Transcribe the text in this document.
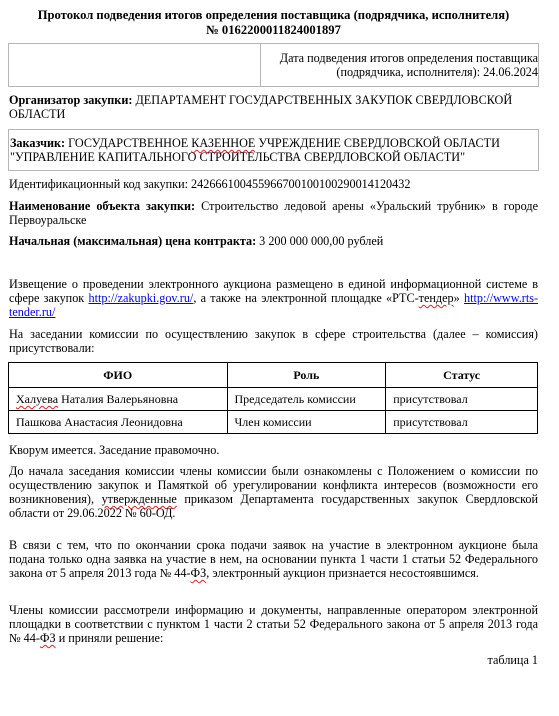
Протокол подведения итогов определения поставщика (подрядчика, исполнителя)
№ 0162200011824001897
Дата подведения итогов определения поставщика
(подрядчика, исполнителя): 24.06.2024
Организатор закупки: ДЕПАРТАМЕНТ ГОСУДАРСТВЕННЫХ ЗАКУПОК СВЕРДЛОВСКОЙ ОБЛАСТИ
Заказчик: ГОСУДАРСТВЕННОЕ КАЗЕННОЕ УЧРЕЖДЕНИЕ СВЕРДЛОВСКОЙ ОБЛАСТИ "УПРАВЛЕНИЕ КАПИТАЛЬНОГО СТРОИТЕЛЬСТВА СВЕРДЛОВСКОЙ ОБЛАСТИ"
Идентификационный код закупки: 242666100455966700100100290014120432
Наименование объекта закупки: Строительство ледовой арены «Уральский трубник» в городе Первоуральске
Начальная (максимальная) цена контракта: 3 200 000 000,00 рублей
Извещение о проведении электронного аукциона размещено в единой информационной системе в сфере закупок http://zakupki.gov.ru/, а также на электронной площадке «РТС-тендер» http://www.rts-tender.ru/
На заседании комиссии по осуществлению закупок в сфере строительства (далее – комиссия) присутствовали:
ФИО	Роль	Статус
Халуева Наталия Валерьяновна	Председатель комиссии	присутствовал
Пашкова Анастасия Леонидовна	Член комиссии	присутствовал
Кворум имеется. Заседание правомочно.
До начала заседания комиссии члены комиссии были ознакомлены с Положением о комиссии по осуществлению закупок и Памяткой об урегулировании конфликта интересов (возможности его возникновения), утвержденные приказом Департамента государственных закупок Свердловской области от 29.06.2022 № 60-ОД.
В связи с тем, что по окончании срока подачи заявок на участие в электронном аукционе была подана только одна заявка на участие в нем, на основании пункта 1 части 1 статьи 52 Федерального закона от 5 апреля 2013 года № 44-ФЗ, электронный аукцион признается несостоявшимся.
Члены комиссии рассмотрели информацию и документы, направленные оператором электронной площадки в соответствии с пунктом 1 части 2 статьи 52 Федерального закона от 5 апреля 2013 года № 44-ФЗ и приняли решение:
таблица 1
